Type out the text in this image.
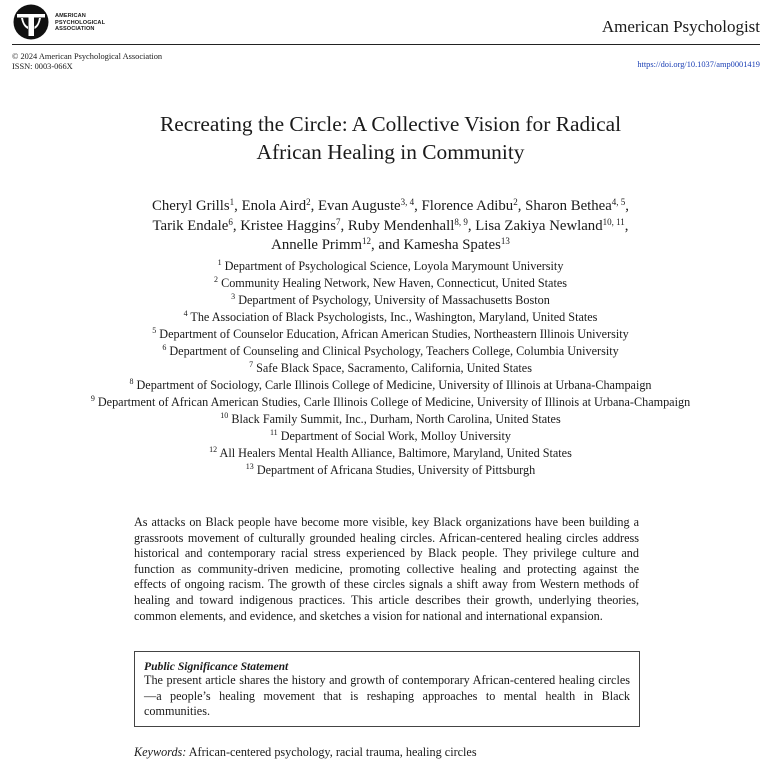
AMERICAN
PSYCHOLOGICAL
ASSOCIATION	American Psychologist
© 2024 American Psychological Association
ISSN: 0003-066X	https://doi.org/10.1037/amp0001419
Recreating the Circle: A Collective Vision for Radical
African Healing in Community
Cheryl Grills$^1$, Enola Aird$^2$, Evan Auguste$^{3, 4}$, Florence Adibu$^2$, Sharon Bethea$^{4, 5}$,
Tarik Endale$^6$, Kristee Haggins$^7$, Ruby Mendenhall$^{8, 9}$, Lisa Zakiya Newland$^{10, 11}$,
Annelle Primm$^{12}$, and Kamesha Spates$^{13}$
$^1$ Department of Psychological Science, Loyola Marymount University
$^2$ Community Healing Network, New Haven, Connecticut, United States
$^3$ Department of Psychology, University of Massachusetts Boston
$^4$ The Association of Black Psychologists, Inc., Washington, Maryland, United States
$^5$ Department of Counselor Education, African American Studies, Northeastern Illinois University
$^6$ Department of Counseling and Clinical Psychology, Teachers College, Columbia University
$^7$ Safe Black Space, Sacramento, California, United States
$^8$ Department of Sociology, Carle Illinois College of Medicine, University of Illinois at Urbana-Champaign
$^9$ Department of African American Studies, Carle Illinois College of Medicine, University of Illinois at Urbana-Champaign
$^{10}$ Black Family Summit, Inc., Durham, North Carolina, United States
$^{11}$ Department of Social Work, Molloy University
$^{12}$ All Healers Mental Health Alliance, Baltimore, Maryland, United States
$^{13}$ Department of Africana Studies, University of Pittsburgh

As attacks on Black people have become more visible, key Black organizations have been building a grassroots movement of culturally grounded healing circles. African-centered healing circles address historical and contemporary racial stress experienced by Black people. They privilege culture and function as community-driven medicine, promoting collective healing and protecting against the effects of ongoing racism. The growth of these circles signals a shift away from Western methods of healing and toward indigenous practices. This article describes their growth, underlying theories, common elements, and evidence, and sketches a vision for national and international expansion.

Public Significance Statement
The present article shares the history and growth of contemporary African-centered healing circles—a people’s healing movement that is reshaping approaches to mental health in Black communities.
Keywords: African-centered psychology, racial trauma, healing circles
